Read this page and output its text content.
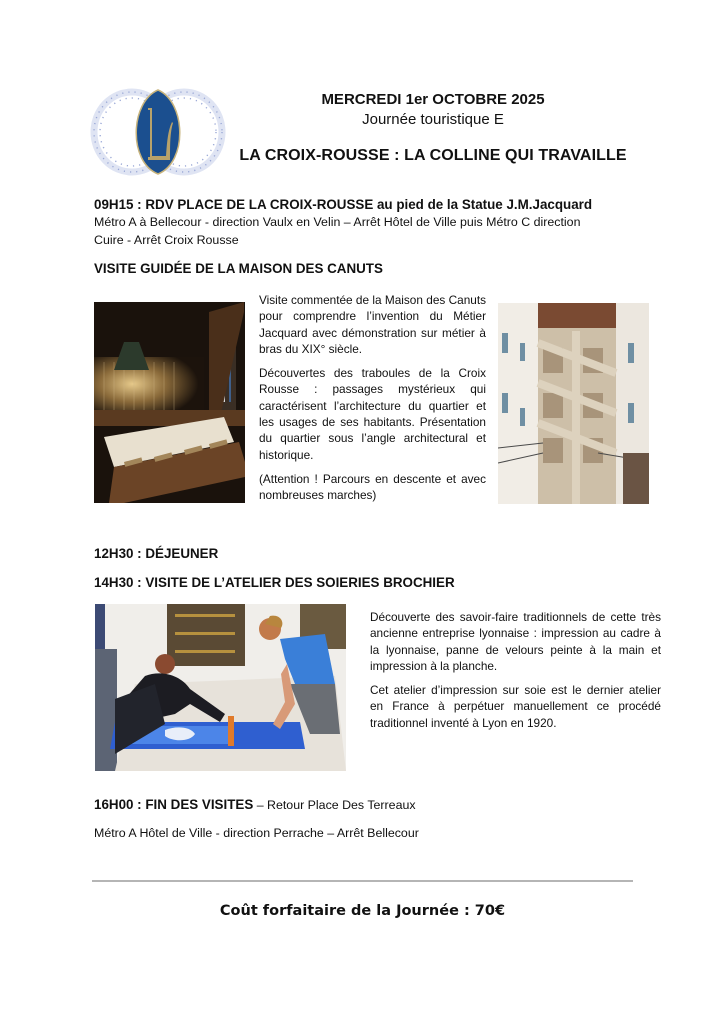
MERCREDI 1er OCTOBRE 2025
Journée touristique E
LA CROIX-ROUSSE : LA COLLINE QUI TRAVAILLE
09H15 : RDV PLACE DE LA CROIX-ROUSSE au pied de la Statue J.M.Jacquard
Métro A à Bellecour - direction Vaulx en Velin – Arrêt Hôtel de Ville puis Métro C direction
Cuire - Arrêt Croix Rousse
VISITE GUIDÉE DE LA MAISON DES CANUTS

Visite commentée de la Maison des Canuts pour comprendre l’invention du Métier Jacquard avec démonstration sur métier à bras du XIX° siècle.

Découvertes des traboules de la Croix Rousse : passages mystérieux qui caractérisent l’architecture du quartier et les usages de ses habitants. Présentation du quartier sous l’angle architectural et historique.

(Attention ! Parcours en descente et avec nombreuses marches)

12H30 : DÉJEUNER
14H30 : VISITE DE L’ATELIER DES SOIERIES BROCHIER

Découverte des savoir-faire traditionnels de cette très ancienne entreprise lyonnaise : impression au cadre à la lyonnaise, panne de velours peinte à la main et impression à la planche.

Cet atelier d’impression sur soie est le dernier atelier en France à perpétuer manuellement ce procédé traditionnel inventé à Lyon en 1920.

16H00 : FIN DES VISITES – Retour Place Des Terreaux
Métro A Hôtel de Ville - direction Perrache – Arrêt Bellecour
Coût forfaitaire de la Journée : 70€
